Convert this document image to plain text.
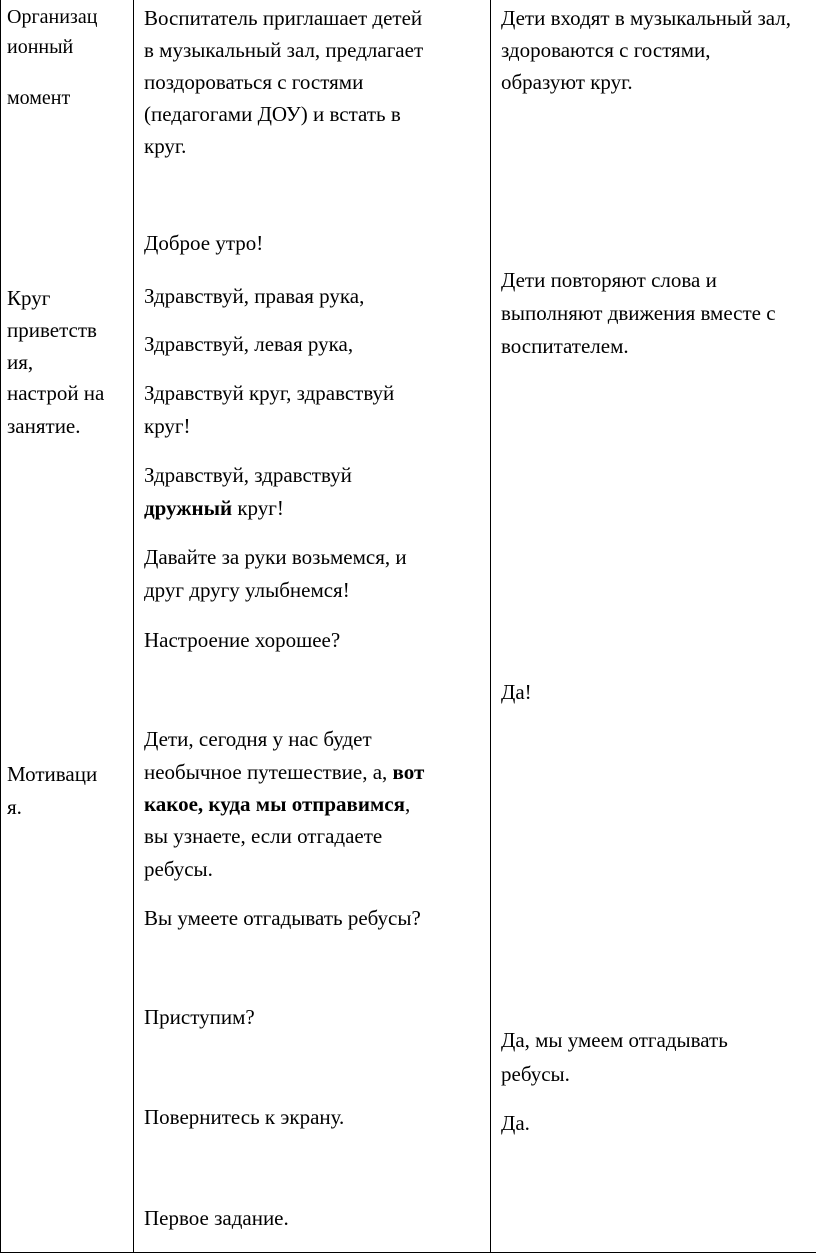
Организац

ионный

момент

Круг

приветств

ия,

настрой на

занятие.

Мотиваци

я.

Воспитатель приглашает детей

в музыкальный зал, предлагает

поздороваться с гостями

(педагогами ДОУ) и встать в

круг.

Доброе утро!

Здравствуй, правая рука,

Здравствуй, левая рука,

Здравствуй круг, здравствуй

круг!

Здравствуй, здравствуй

дружный круг!

Давайте за руки возьмемся, и

друг другу улыбнемся!

Настроение хорошее?

Дети, сегодня у нас будет

необычное путешествие, а, вот

какое, куда мы отправимся,

вы узнаете, если отгадаете

ребусы.

Вы умеете отгадывать ребусы?

Приступим?

Повернитесь к экрану.

Первое задание.

Дети входят в музыкальный зал,

здороваются с гостями,

образуют круг.

Дети повторяют слова и

выполняют движения вместе с

воспитателем.

Да!

Да, мы умеем отгадывать

ребусы.

Да.
